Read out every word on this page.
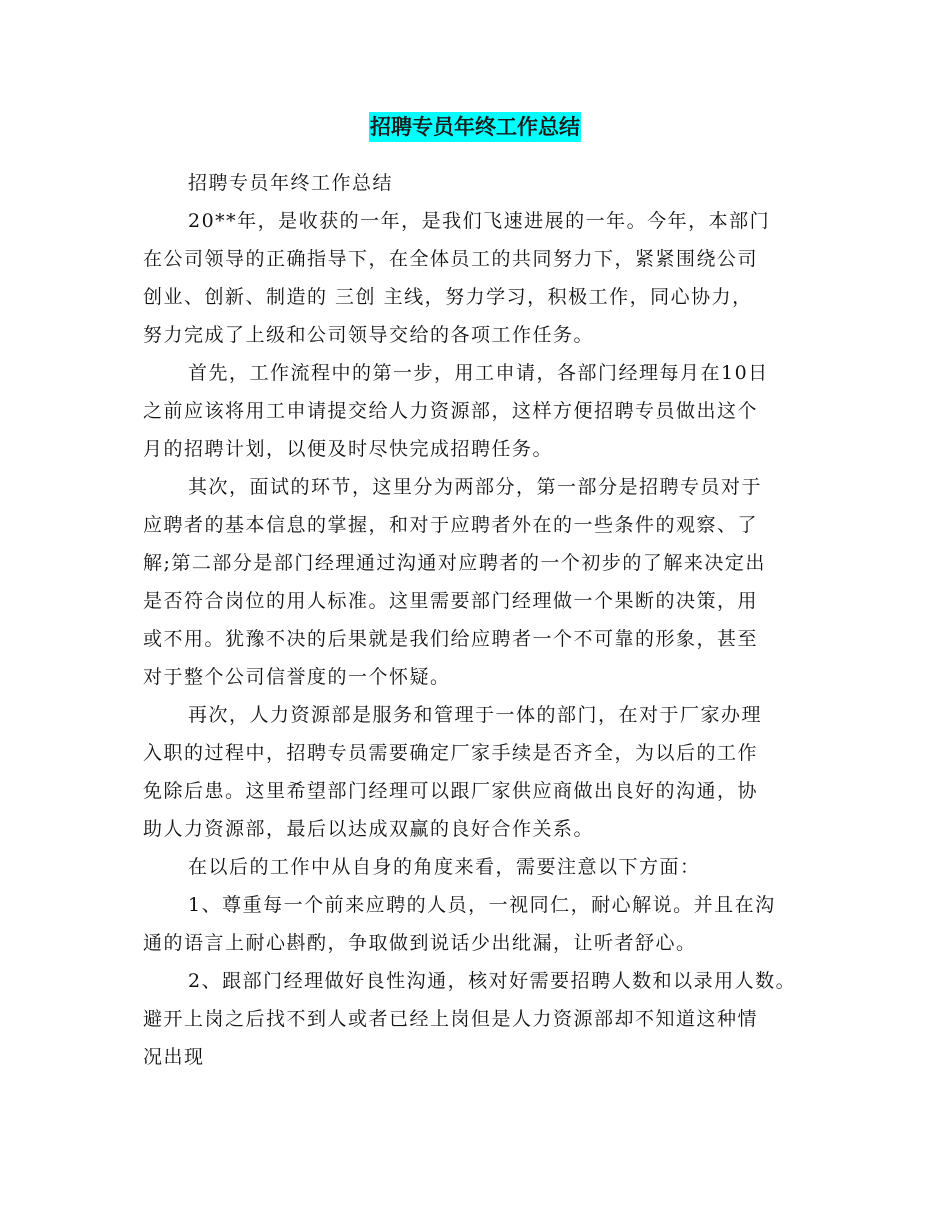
招聘专员年终工作总结
招聘专员年终工作总结
20**年，是收获的一年，是我们飞速进展的一年。今年，本部门
在公司领导的正确指导下，在全体员工的共同努力下，紧紧围绕公司
创业、创新、制造的 三创 主线，努力学习，积极工作，同心协力，
努力完成了上级和公司领导交给的各项工作任务。
首先，工作流程中的第一步，用工申请，各部门经理每月在10日
之前应该将用工申请提交给人力资源部，这样方便招聘专员做出这个
月的招聘计划，以便及时尽快完成招聘任务。
其次，面试的环节，这里分为两部分，第一部分是招聘专员对于
应聘者的基本信息的掌握，和对于应聘者外在的一些条件的观察、了
解;第二部分是部门经理通过沟通对应聘者的一个初步的了解来决定出
是否符合岗位的用人标准。这里需要部门经理做一个果断的决策，用
或不用。犹豫不决的后果就是我们给应聘者一个不可靠的形象，甚至
对于整个公司信誉度的一个怀疑。
再次，人力资源部是服务和管理于一体的部门，在对于厂家办理
入职的过程中，招聘专员需要确定厂家手续是否齐全，为以后的工作
免除后患。这里希望部门经理可以跟厂家供应商做出良好的沟通，协
助人力资源部，最后以达成双赢的良好合作关系。
在以后的工作中从自身的角度来看，需要注意以下方面：
1、尊重每一个前来应聘的人员，一视同仁，耐心解说。并且在沟
通的语言上耐心斟酌，争取做到说话少出纰漏，让听者舒心。
2、跟部门经理做好良性沟通，核对好需要招聘人数和以录用人数。
避开上岗之后找不到人或者已经上岗但是人力资源部却不知道这种情
况出现
